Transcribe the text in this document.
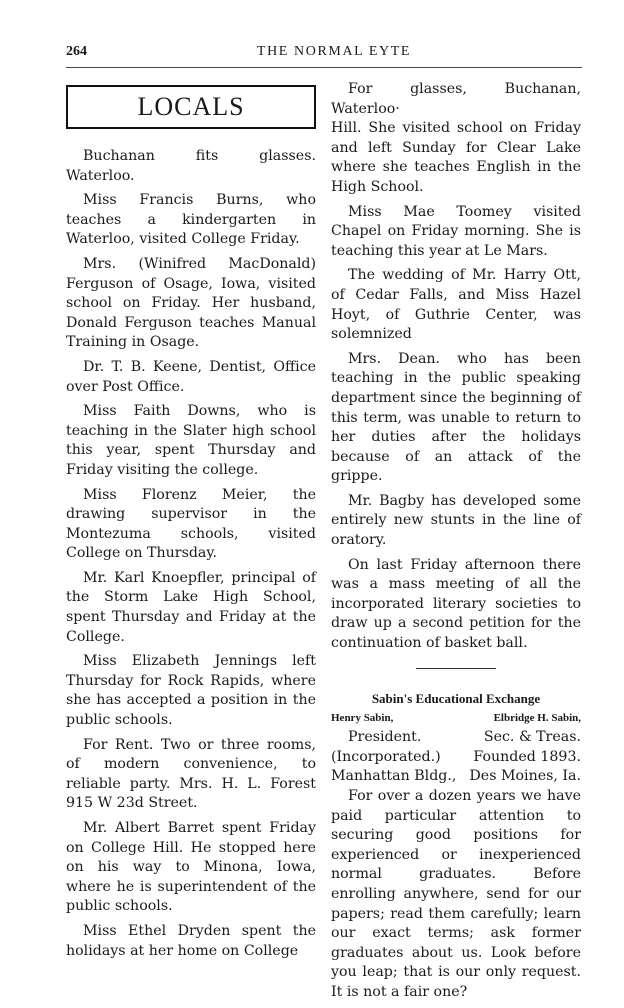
264	THE NORMAL EYTE
LOCALS

Buchanan fits glasses. Waterloo.

Miss Francis Burns, who teaches a kindergarten in Waterloo, visited College Friday.

Mrs. (Winifred MacDonald) Ferguson of Osage, Iowa, visited school on Friday. Her husband, Donald Ferguson teaches Manual Training in Osage.

Dr. T. B. Keene, Dentist, Office over Post Office.

Miss Faith Downs, who is teaching in the Slater high school this year, spent Thursday and Friday visiting the college.

Miss Florenz Meier, the drawing supervisor in the Montezuma schools, visited College on Thursday.

Mr. Karl Knoepfler, principal of the Storm Lake High School, spent Thursday and Friday at the College.

Miss Elizabeth Jennings left Thursday for Rock Rapids, where she has accepted a position in the public schools.

For Rent. Two or three rooms, of modern convenience, to reliable party. Mrs. H. L. Forest 915 W 23d Street.

Mr. Albert Barret spent Friday on College Hill. He stopped here on his way to Minona, Iowa, where he is superintendent of the public schools.

Miss Ethel Dryden spent the holidays at her home on College

For glasses, Buchanan, Waterloo·

Hill. She visited school on Friday and left Sunday for Clear Lake where she teaches English in the High School.

Miss Mae Toomey visited Chapel on Friday morning. She is teaching this year at Le Mars.

The wedding of Mr. Harry Ott, of Cedar Falls, and Miss Hazel Hoyt, of Guthrie Center, was solemnized

Mrs. Dean. who has been teaching in the public speaking department since the beginning of this term, was unable to return to her duties after the holidays because of an attack of the grippe.

Mr. Bagby has developed some entirely new stunts in the line of oratory.

On last Friday afternoon there was a mass meeting of all the incorporated literary societies to draw up a second petition for the continuation of basket ball.

Sabin's Educational Exchange
Henry Sabin,	Elbridge H. Sabin,
President.	Sec. & Treas.
(Incorporated.) Founded 1893.
Manhattan Bldg., Des Moines, Ia.

For over a dozen years we have paid particular attention to securing good positions for experienced or inexperienced normal graduates. Before enrolling anywhere, send for our papers; read them carefully; learn our exact terms; ask former graduates about us. Look before you leap; that is our only request. It is not a fair one?
